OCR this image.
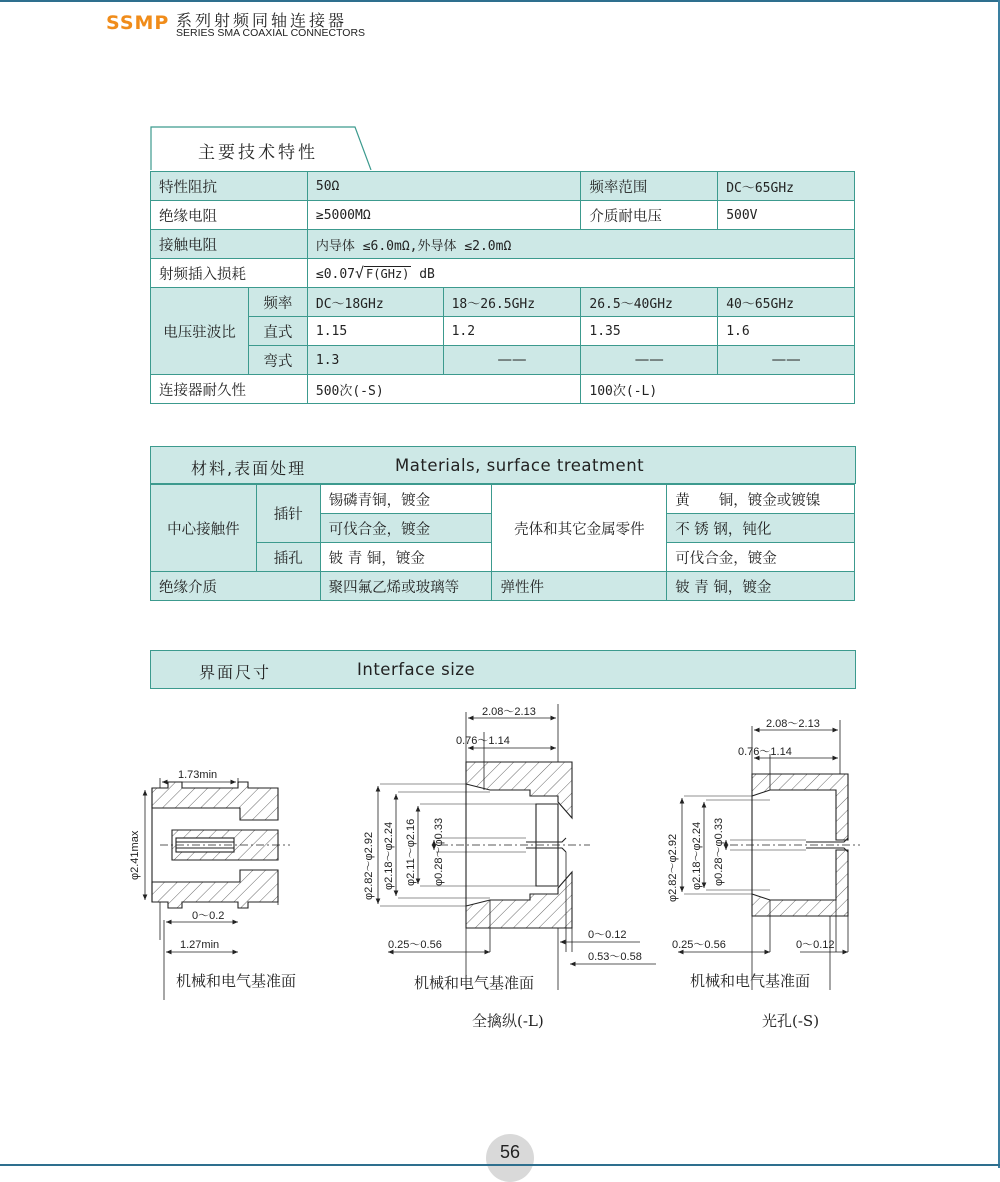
SSMP 系列射频同轴连接器
SERIES SMA COAXIAL CONNECTORS
主要技术特性
特性阻抗		50Ω		频率范围	DC～65GHz
绝缘电阻		≥5000MΩ		介质耐电压	500V
接触电阻		内导体 ≤6.0mΩ,外导体 ≤2.0mΩ			
射频插入损耗		≤0.07√ F(GHz) dB			
电压驻波比	频率	DC～18GHz	18～26.5GHz	26.5～40GHz	40～65GHz
	直式	1.15	1.2	1.35	1.6
	弯式	1.3	——	——	——
连接器耐久性		500次(-S)		100次(-L)	
材料,表面处理	Materials, surface treatment
中心接触件	插针	锡磷青铜，镀金	壳体和其它金属零件	黄　　铜，镀金或镀镍
		可伐合金，镀金		不 锈 钢，钝化
	插孔	铍 青 铜，镀金		可伐合金，镀金
绝缘介质		聚四氟乙烯或玻璃等	弹性件	铍 青 铜，镀金
界面尺寸	Interface size
1.73min
φ2.41max
0～0.2
1.27min
2.08～2.13
0.76～1.14
φ2.82～φ2.92 φ2.18～φ2.24 φ2.11～φ2.16 φ0.28～φ0.33
0.25～0.56
0～0.12
0.53～0.58
2.08～2.13
0.76～1.14
φ2.82～φ2.92 φ2.18～φ2.24 φ0.28～φ0.33
0.25～0.56	0～0.12
机械和电气基准面	机械和电气基准面
全擒纵(-L)
机械和电气基准面
光孔(-S)
56
